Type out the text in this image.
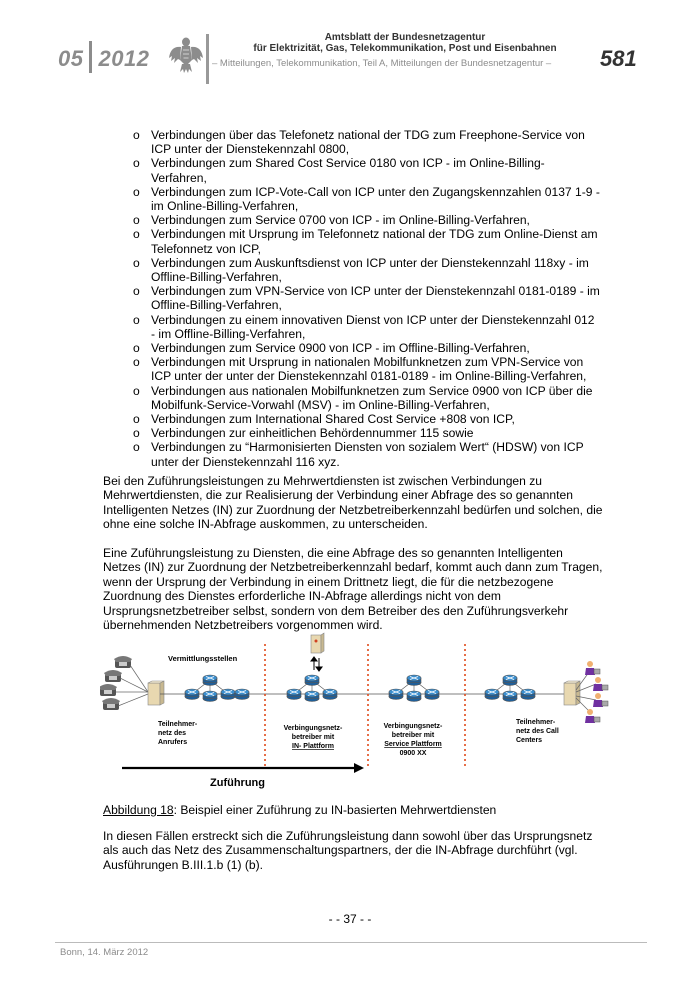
05 2012
Amtsblatt der Bundesnetzagentur
für Elektrizität, Gas, Telekommunikation, Post und Eisenbahnen
– Mitteilungen, Telekommunikation, Teil A, Mitteilungen der Bundesnetzagentur – 581
o Verbindungen über das Telefonetz national der TDG zum Freephone-Service von ICP unter der Dienstekennzahl 0800,
o Verbindungen zum Shared Cost Service 0180 von ICP - im Online-Billing-Verfahren,
o Verbindungen zum ICP-Vote-Call von ICP unter den Zugangskennzahlen 0137 1-9 - im Online-Billing-Verfahren,
o Verbindungen zum Service 0700 von ICP - im Online-Billing-Verfahren,
o Verbindungen mit Ursprung im Telefonnetz national der TDG zum Online-Dienst am Telefonnetz von ICP,
o Verbindungen zum Auskunftsdienst von ICP unter der Dienstekennzahl 118xy - im Offline-Billing-Verfahren,
o Verbindungen zum VPN-Service von ICP unter der Dienstekennzahl 0181-0189 - im Offline-Billing-Verfahren,
o Verbindungen zu einem innovativen Dienst von ICP unter der Dienstekennzahl 012 - im Offline-Billing-Verfahren,
o Verbindungen zum Service 0900 von ICP - im Offline-Billing-Verfahren,
o Verbindungen mit Ursprung in nationalen Mobilfunknetzen zum VPN-Service von ICP unter der unter der Dienstekennzahl 0181-0189 - im Online-Billing-Verfahren,
o Verbindungen aus nationalen Mobilfunknetzen zum Service 0900 von ICP über die Mobilfunk-Service-Vorwahl (MSV) - im Online-Billing-Verfahren,
o Verbindungen zum International Shared Cost Service +808 von ICP,
o Verbindungen zur einheitlichen Behördennummer 115 sowie
o Verbindungen zu “Harmonisierten Diensten von sozialem Wert“ (HDSW) von ICP unter der Dienstekennzahl 116 xyz.

Bei den Zuführungsleistungen zu Mehrwertdiensten ist zwischen Verbindungen zu Mehrwertdiensten, die zur Realisierung der Verbindung einer Abfrage des so genannten Intelligenten Netzes (IN) zur Zuordnung der Netzbetreiberkennzahl bedürfen und solchen, die ohne eine solche IN-Abfrage auskommen, zu unterscheiden.

Eine Zuführungsleistung zu Diensten, die eine Abfrage des so genannten Intelligenten Netzes (IN) zur Zuordnung der Netzbetreiberkennzahl bedarf, kommt auch dann zum Tragen, wenn der Ursprung der Verbindung in einem Drittnetz liegt, die für die netzbezogene Zuordnung des Dienstes erforderliche IN-Abfrage allerdings nicht von dem Ursprungsnetzbetreiber selbst, sondern von dem Betreiber des den Zuführungsverkehr übernehmenden Netzbetreibers vorgenommen wird.

Vermittlungsstellen
Teilnehmer-
netz des
Anrufers
Verbingungsnetz-
betreiber mit
IN- Plattform
Verbingungsnetz-
betreiber mit
Service Plattform
0900 XX
Teilnehmer-
netz des Call
Centers
Zuführung
Abbildung 18: Beispiel einer Zuführung zu IN-basierten Mehrwertdiensten

In diesen Fällen erstreckt sich die Zuführungsleistung dann sowohl über das Ursprungsnetz als auch das Netz des Zusammenschaltungspartners, der die IN-Abfrage durchführt (vgl. Ausführungen B.III.1.b (1) (b).

- - 37 - -
Bonn, 14. März 2012
